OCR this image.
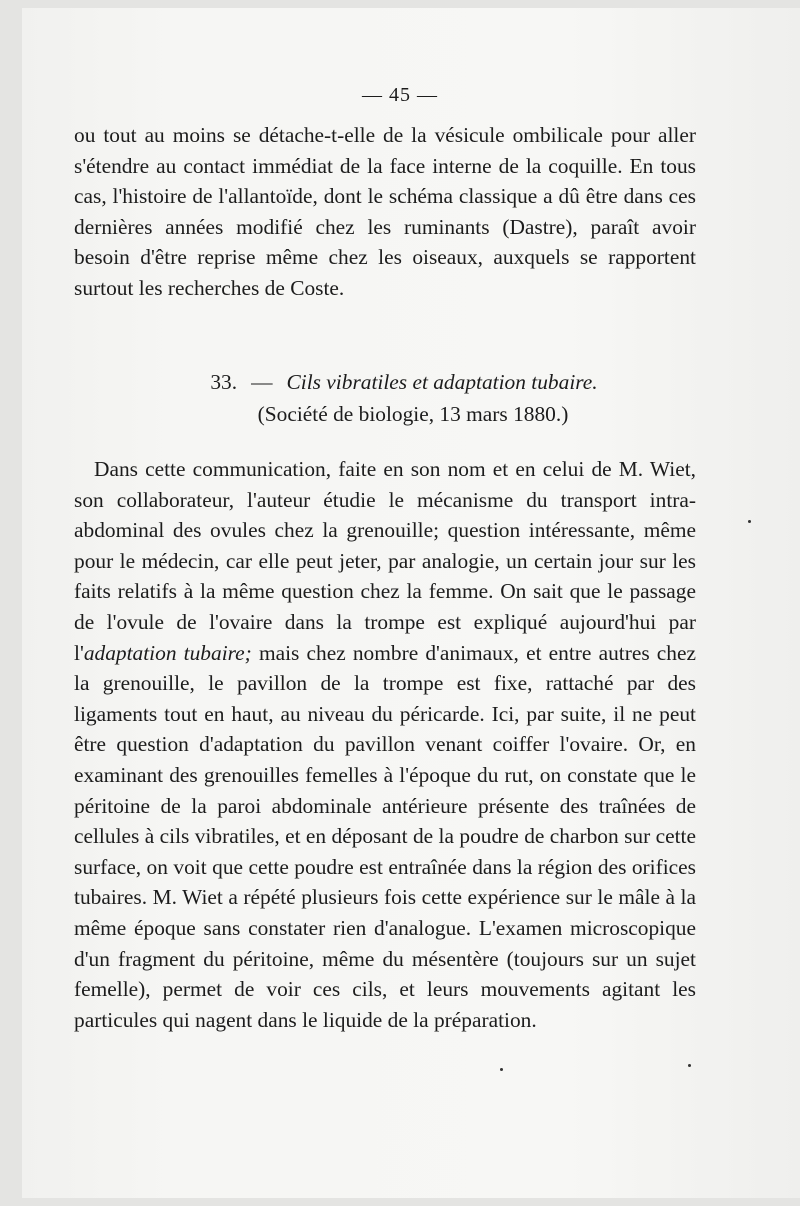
— 45 —

ou tout au moins se détache-t-elle de la vésicule ombilicale pour aller s'étendre au contact immédiat de la face interne de la coquille. En tous cas, l'histoire de l'allantoïde, dont le schéma classique a dû être dans ces dernières années modifié chez les ruminants (Dastre), paraît avoir besoin d'être reprise même chez les oiseaux, auxquels se rapportent surtout les recherches de Coste.

33. — Cils vibratiles et adaptation tubaire.
(Société de biologie, 13 mars 1880.)

Dans cette communication, faite en son nom et en celui de M. Wiet, son collaborateur, l'auteur étudie le mécanisme du transport intra-abdominal des ovules chez la grenouille; question intéressante, même pour le médecin, car elle peut jeter, par analogie, un certain jour sur les faits relatifs à la même question chez la femme. On sait que le passage de l'ovule de l'ovaire dans la trompe est expliqué aujourd'hui par l'adaptation tubaire; mais chez nombre d'animaux, et entre autres chez la grenouille, le pavillon de la trompe est fixe, rattaché par des ligaments tout en haut, au niveau du péricarde. Ici, par suite, il ne peut être question d'adaptation du pavillon venant coiffer l'ovaire. Or, en examinant des grenouilles femelles à l'époque du rut, on constate que le péritoine de la paroi abdominale antérieure présente des traînées de cellules à cils vibratiles, et en déposant de la poudre de charbon sur cette surface, on voit que cette poudre est entraînée dans la région des orifices tubaires. M. Wiet a répété plusieurs fois cette expérience sur le mâle à la même époque sans constater rien d'analogue. L'examen microscopique d'un fragment du péritoine, même du mésentère (toujours sur un sujet femelle), permet de voir ces cils, et leurs mouvements agitant les particules qui nagent dans le liquide de la préparation.
